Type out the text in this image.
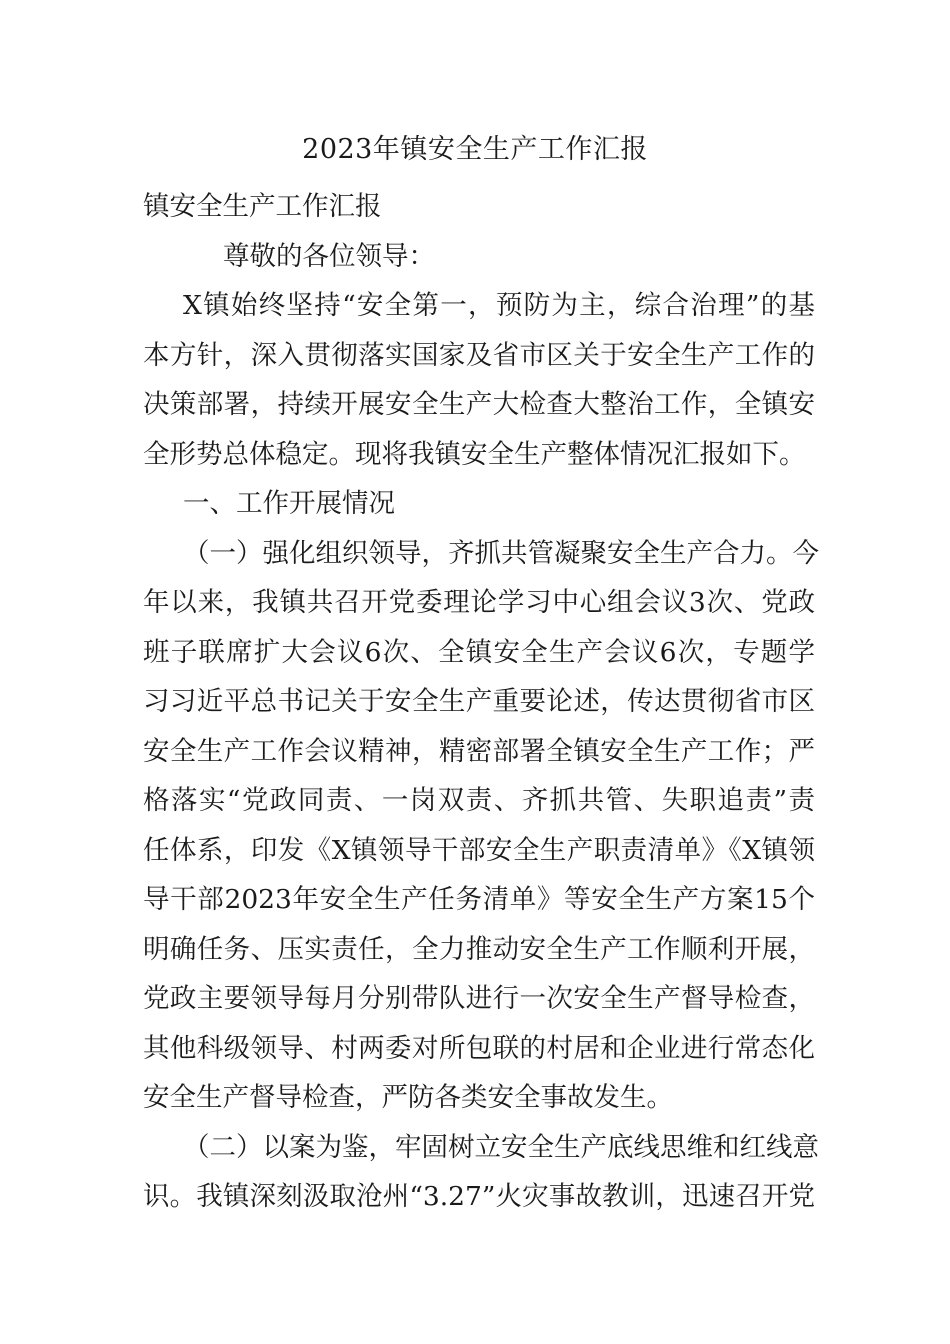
2023年镇安全生产工作汇报
镇安全生产工作汇报
尊敬的各位领导：
X镇始终坚持“安全第一，预防为主，综合治理”的基
本方针，深入贯彻落实国家及省市区关于安全生产工作的
决策部署，持续开展安全生产大检查大整治工作，全镇安
全形势总体稳定。现将我镇安全生产整体情况汇报如下。
一、工作开展情况
（一）强化组织领导，齐抓共管凝聚安全生产合力。今
年以来，我镇共召开党委理论学习中心组会议3次、党政
班子联席扩大会议6次、全镇安全生产会议6次，专题学
习习近平总书记关于安全生产重要论述，传达贯彻省市区
安全生产工作会议精神，精密部署全镇安全生产工作；严
格落实“党政同责、一岗双责、齐抓共管、失职追责”责
任体系，印发《X镇领导干部安全生产职责清单》《X镇领
导干部2023年安全生产任务清单》等安全生产方案15个
明确任务、压实责任，全力推动安全生产工作顺利开展，
党政主要领导每月分别带队进行一次安全生产督导检查，
其他科级领导、村两委对所包联的村居和企业进行常态化
安全生产督导检查，严防各类安全事故发生。
（二）以案为鉴，牢固树立安全生产底线思维和红线意
识。我镇深刻汲取沧州“3.27”火灾事故教训，迅速召开党
